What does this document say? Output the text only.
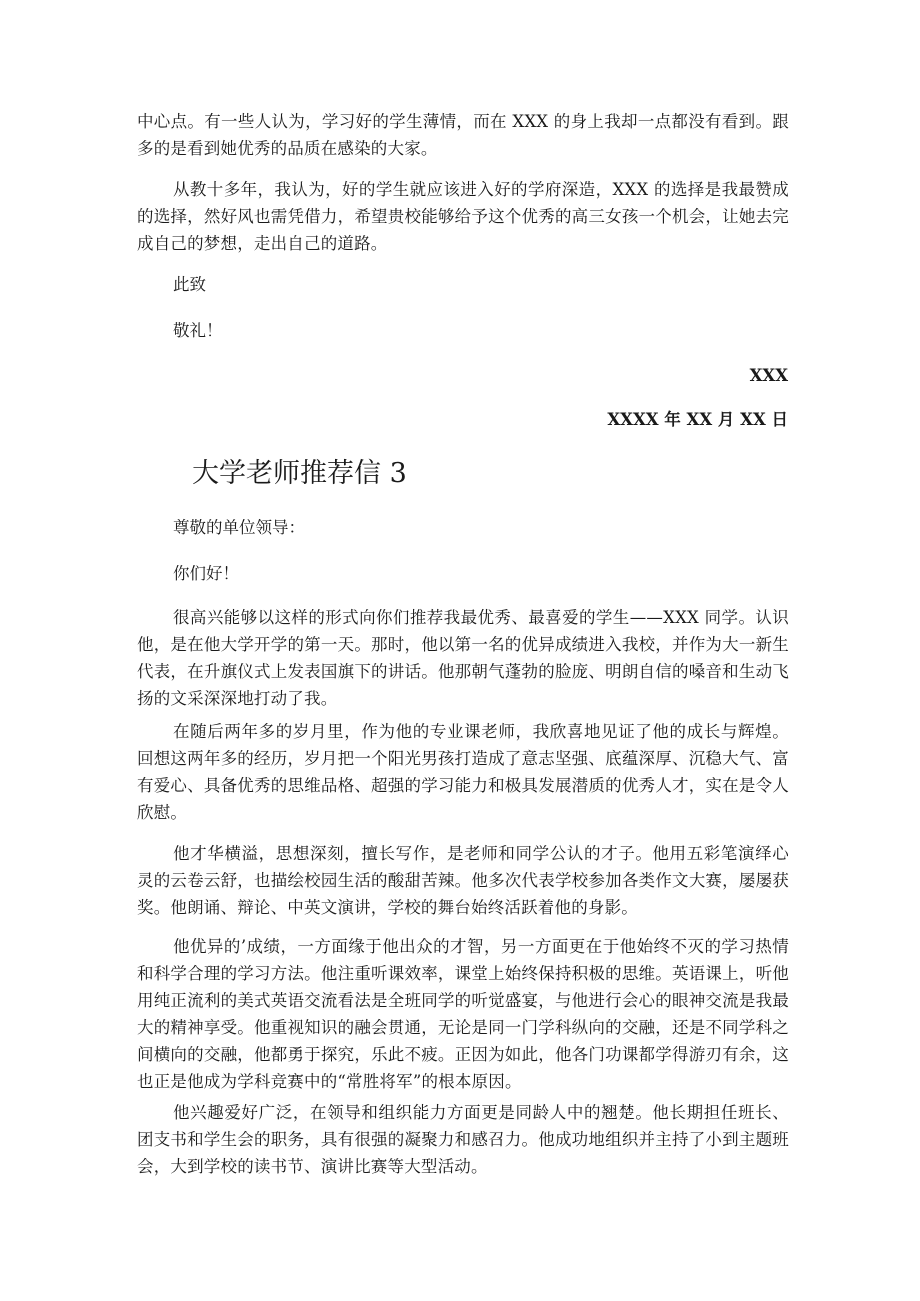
中心点。有一些人认为，学习好的学生薄情，而在 XXX 的身上我却一点都没有看到。跟多的是看到她优秀的品质在感染的大家。

从教十多年，我认为，好的学生就应该进入好的学府深造，XXX 的选择是我最赞成的选择，然好风也需凭借力，希望贵校能够给予这个优秀的高三女孩一个机会，让她去完成自己的梦想，走出自己的道路。

此致

敬礼！

XXX

XXXX 年 XX 月 XX 日

大学老师推荐信 3

尊敬的单位领导：

你们好！

很高兴能够以这样的形式向你们推荐我最优秀、最喜爱的学生——XXX 同学。认识他，是在他大学开学的第一天。那时，他以第一名的优异成绩进入我校，并作为大一新生代表，在升旗仪式上发表国旗下的讲话。他那朝气蓬勃的脸庞、明朗自信的嗓音和生动飞扬的文采深深地打动了我。

在随后两年多的岁月里，作为他的专业课老师，我欣喜地见证了他的成长与辉煌。回想这两年多的经历，岁月把一个阳光男孩打造成了意志坚强、底蕴深厚、沉稳大气、富有爱心、具备优秀的思维品格、超强的学习能力和极具发展潜质的优秀人才，实在是令人欣慰。

他才华横溢，思想深刻，擅长写作，是老师和同学公认的才子。他用五彩笔演绎心灵的云卷云舒，也描绘校园生活的酸甜苦辣。他多次代表学校参加各类作文大赛，屡屡获奖。他朗诵、辩论、中英文演讲，学校的舞台始终活跃着他的身影。

他优异的’成绩，一方面缘于他出众的才智，另一方面更在于他始终不灭的学习热情和科学合理的学习方法。他注重听课效率，课堂上始终保持积极的思维。英语课上，听他用纯正流利的美式英语交流看法是全班同学的听觉盛宴，与他进行会心的眼神交流是我最大的精神享受。他重视知识的融会贯通，无论是同一门学科纵向的交融，还是不同学科之间横向的交融，他都勇于探究，乐此不疲。正因为如此，他各门功课都学得游刃有余，这也正是他成为学科竞赛中的“常胜将军”的根本原因。

他兴趣爱好广泛，在领导和组织能力方面更是同龄人中的翘楚。他长期担任班长、团支书和学生会的职务，具有很强的凝聚力和感召力。他成功地组织并主持了小到主题班会，大到学校的读书节、演讲比赛等大型活动。
